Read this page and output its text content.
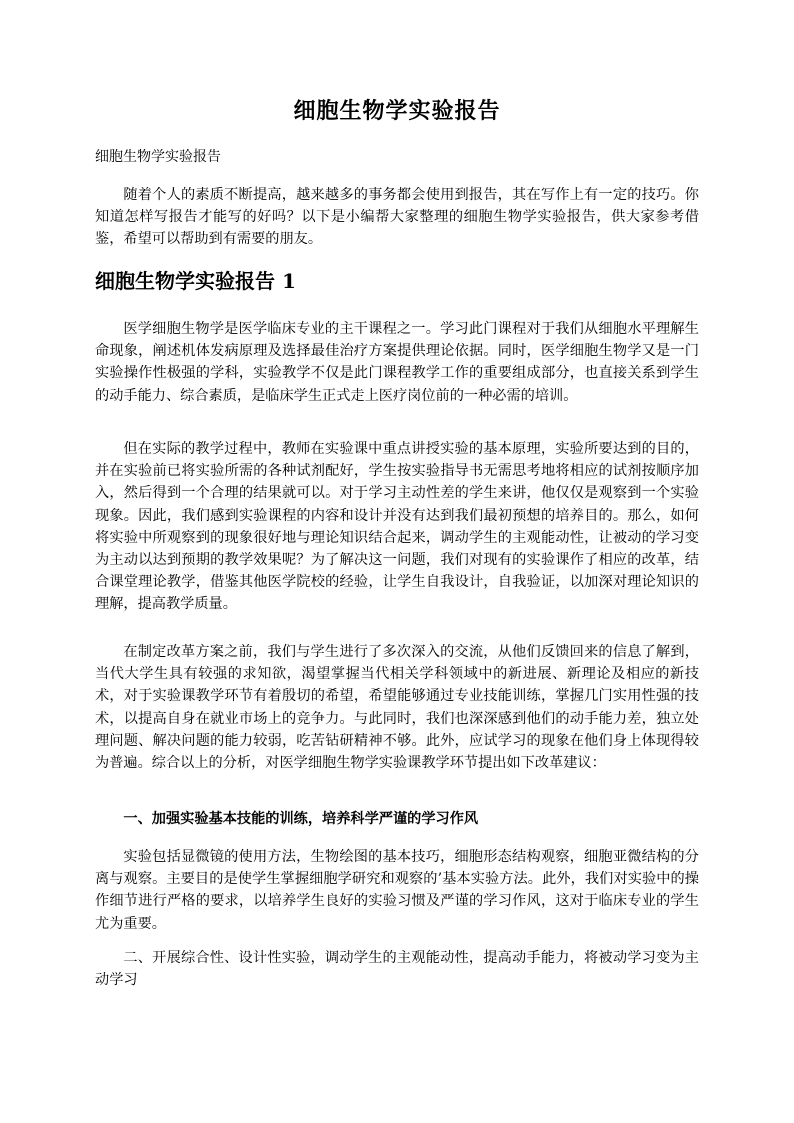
细胞生物学实验报告

细胞生物学实验报告

随着个人的素质不断提高，越来越多的事务都会使用到报告，其在写作上有一定的技巧。你知道怎样写报告才能写的好吗？以下是小编帮大家整理的细胞生物学实验报告，供大家参考借鉴，希望可以帮助到有需要的朋友。

细胞生物学实验报告 1

医学细胞生物学是医学临床专业的主干课程之一。学习此门课程对于我们从细胞水平理解生命现象，阐述机体发病原理及选择最佳治疗方案提供理论依据。同时，医学细胞生物学又是一门实验操作性极强的学科，实验教学不仅是此门课程教学工作的重要组成部分，也直接关系到学生的动手能力、综合素质，是临床学生正式走上医疗岗位前的一种必需的培训。

但在实际的教学过程中，教师在实验课中重点讲授实验的基本原理，实验所要达到的目的，并在实验前已将实验所需的各种试剂配好，学生按实验指导书无需思考地将相应的试剂按顺序加入，然后得到一个合理的结果就可以。对于学习主动性差的学生来讲，他仅仅是观察到一个实验现象。因此，我们感到实验课程的内容和设计并没有达到我们最初预想的培养目的。那么，如何将实验中所观察到的现象很好地与理论知识结合起来，调动学生的主观能动性，让被动的学习变为主动以达到预期的教学效果呢？为了解决这一问题，我们对现有的实验课作了相应的改革，结合课堂理论教学，借鉴其他医学院校的经验，让学生自我设计，自我验证，以加深对理论知识的理解，提高教学质量。

在制定改革方案之前，我们与学生进行了多次深入的交流，从他们反馈回来的信息了解到，当代大学生具有较强的求知欲，渴望掌握当代相关学科领域中的新进展、新理论及相应的新技术，对于实验课教学环节有着殷切的希望，希望能够通过专业技能训练，掌握几门实用性强的技术，以提高自身在就业市场上的竞争力。与此同时，我们也深深感到他们的动手能力差，独立处理问题、解决问题的能力较弱，吃苦钻研精神不够。此外，应试学习的现象在他们身上体现得较为普遍。综合以上的分析，对医学细胞生物学实验课教学环节提出如下改革建议：

一、加强实验基本技能的训练，培养科学严谨的学习作风

实验包括显微镜的使用方法，生物绘图的基本技巧，细胞形态结构观察，细胞亚微结构的分离与观察。主要目的是使学生掌握细胞学研究和观察的’基本实验方法。此外，我们对实验中的操作细节进行严格的要求，以培养学生良好的实验习惯及严谨的学习作风，这对于临床专业的学生尤为重要。

二、开展综合性、设计性实验，调动学生的主观能动性，提高动手能力，将被动学习变为主动学习
